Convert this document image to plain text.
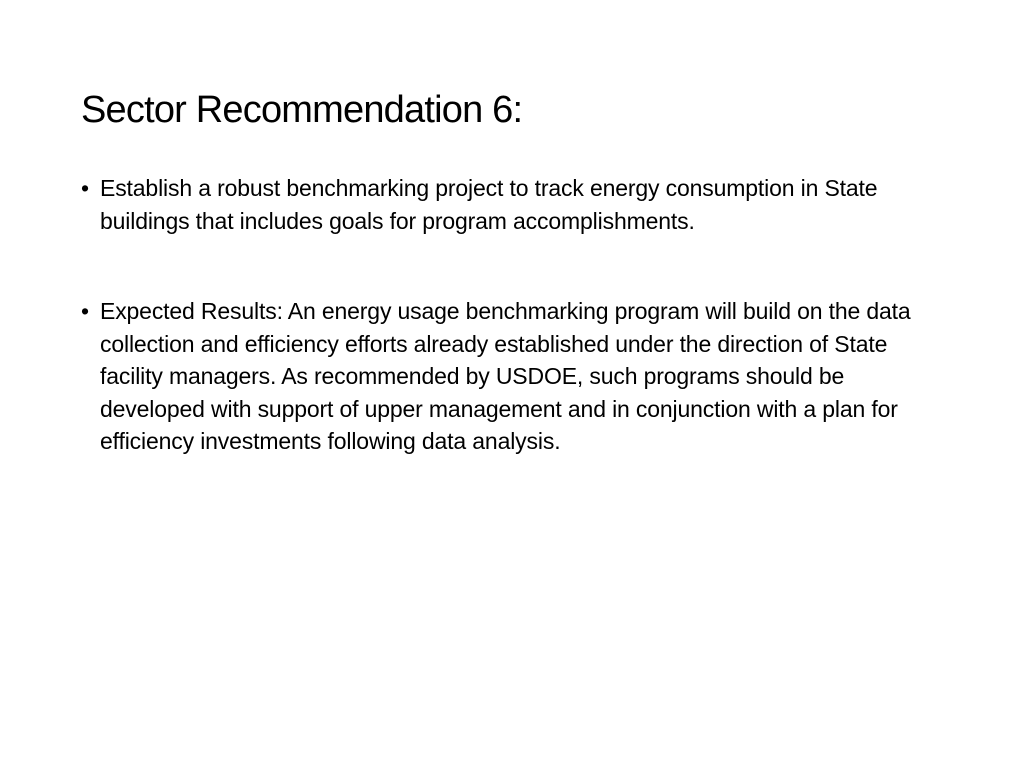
Sector Recommendation 6:
• Establish a robust benchmarking project to track energy consumption in State buildings that includes goals for program accomplishments.
• Expected Results: An energy usage benchmarking program will build on the data collection and efficiency efforts already established under the direction of State facility managers. As recommended by USDOE, such programs should be developed with support of upper management and in conjunction with a plan for efficiency investments following data analysis.
